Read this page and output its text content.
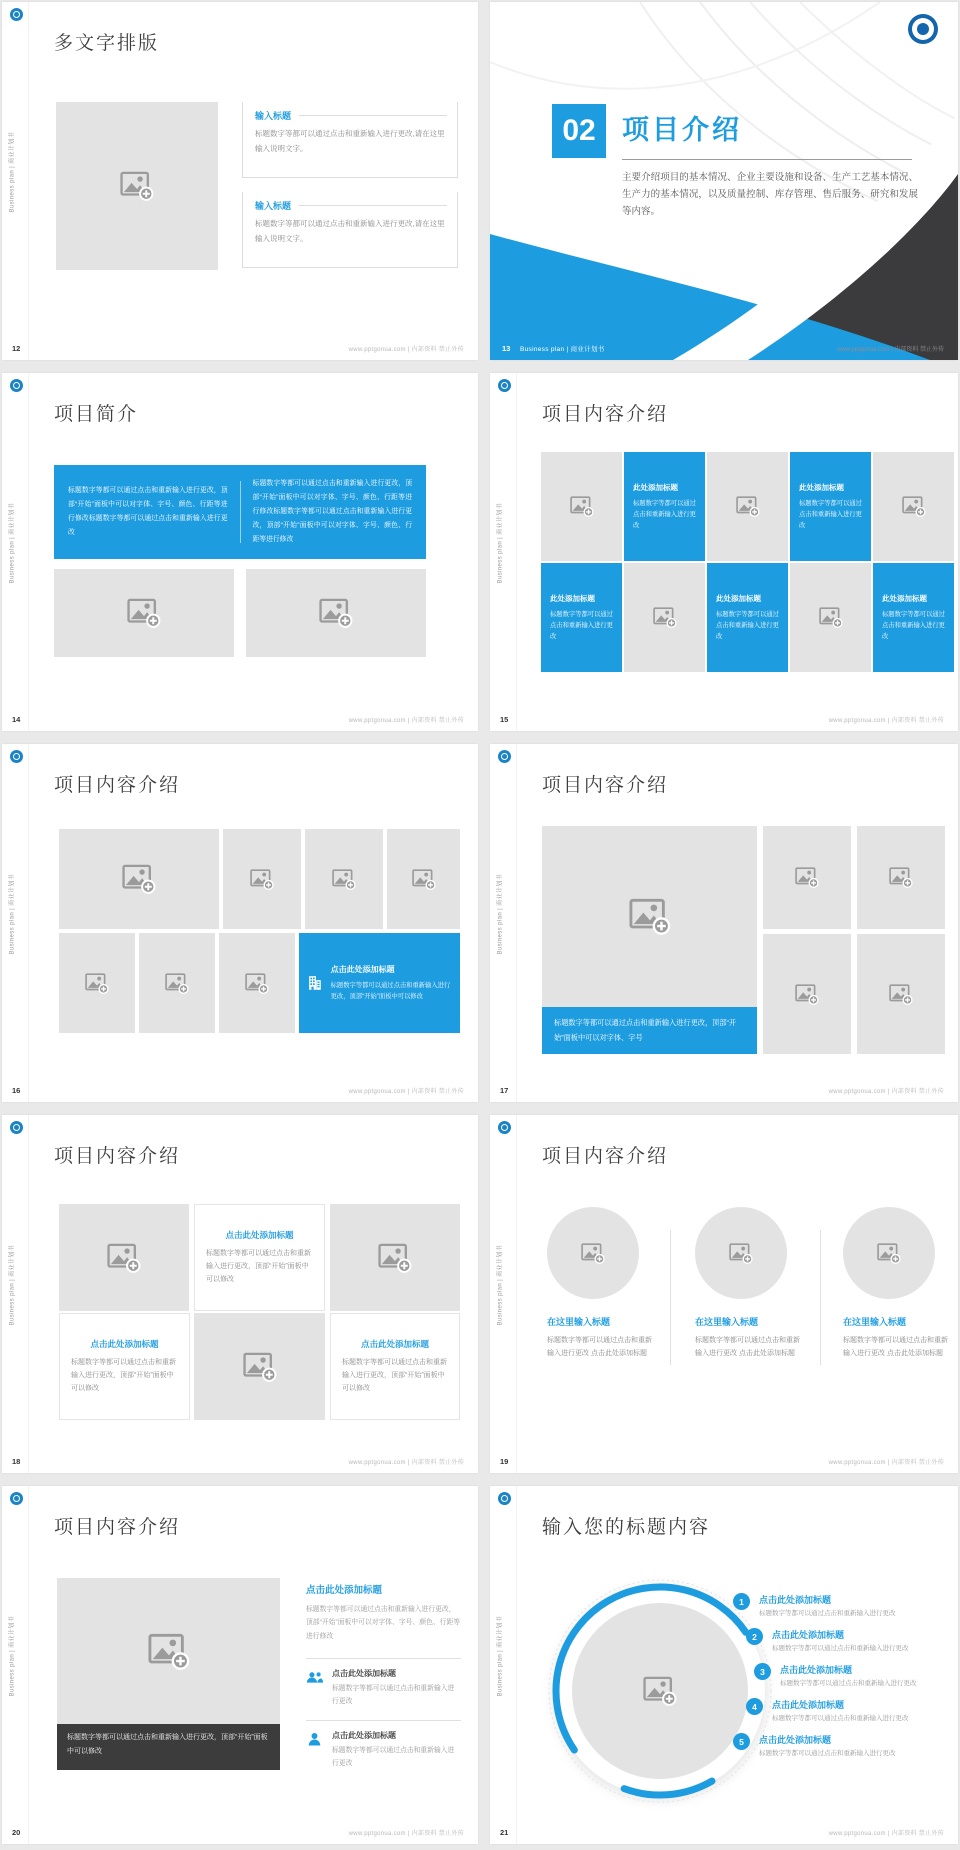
Business plan | 商业计划书
多文字排版
输入标题
标题数字等都可以通过点击和重新输入进行更改,请在这里输入说明文字。
输入标题
标题数字等都可以通过点击和重新输入进行更改,请在这里输入说明文字。
12	www.pptgonua.com | 内部资料 禁止外传
02 项目介绍
主要介绍项目的基本情况、企业主要设施和设备、生产工艺基本情况、生产力的基本情况，以及质量控制、库存管理、售后服务、研究和发展等内容。
13 Business plan | 商业计划书	www.pptgonua.com | 内部资料 禁止外传
Business plan | 商业计划书
项目简介
标题数字等都可以通过点击和重新输入进行更改，顶部“开始”面板中可以对字体、字号、颜色、行距等进行修改标题数字等都可以通过点击和重新输入进行更改
标题数字等都可以通过点击和重新输入进行更改，顶部“开始”面板中可以对字体、字号、颜色、行距等进行修改标题数字等都可以通过点击和重新输入进行更改，顶部“开始”面板中可以对字体、字号、颜色、行距等进行修改
14	www.pptgonua.com | 内部资料 禁止外传
Business plan | 商业计划书
项目内容介绍
此处添加标题
标题数字等都可以通过点击和重新输入进行更改
此处添加标题
标题数字等都可以通过点击和重新输入进行更改
此处添加标题
标题数字等都可以通过点击和重新输入进行更改
此处添加标题
标题数字等都可以通过点击和重新输入进行更改
此处添加标题
标题数字等都可以通过点击和重新输入进行更改
15	www.pptgonua.com | 内部资料 禁止外传
Business plan | 商业计划书
项目内容介绍
点击此处添加标题
标题数字等都可以通过点击和重新输入进行更改，顶部“开始”面板中可以修改
16	www.pptgonua.com | 内部资料 禁止外传
Business plan | 商业计划书
项目内容介绍
标题数字等都可以通过点击和重新输入进行更改，顶部“开始”面板中可以对字体、字号
17	www.pptgonua.com | 内部资料 禁止外传
Business plan | 商业计划书
项目内容介绍
点击此处添加标题
标题数字等都可以通过点击和重新输入进行更改，顶部“开始”面板中可以修改
点击此处添加标题
标题数字等都可以通过点击和重新输入进行更改，顶部“开始”面板中可以修改
点击此处添加标题
标题数字等都可以通过点击和重新输入进行更改，顶部“开始”面板中可以修改
18	www.pptgonua.com | 内部资料 禁止外传
Business plan | 商业计划书
项目内容介绍
在这里输入标题
标题数字等都可以通过点击和重新输入进行更改 点击此处添加标题
在这里输入标题
标题数字等都可以通过点击和重新输入进行更改 点击此处添加标题
在这里输入标题
标题数字等都可以通过点击和重新输入进行更改 点击此处添加标题
19	www.pptgonua.com | 内部资料 禁止外传
Business plan | 商业计划书
项目内容介绍
标题数字等都可以通过点击和重新输入进行更改，顶部“开始”面板中可以修改
点击此处添加标题
标题数字等都可以通过点击和重新输入进行更改，顶部“开始”面板中可以对字体、字号、颜色、行距等进行修改
点击此处添加标题
标题数字等都可以通过点击和重新输入进行更改
点击此处添加标题
标题数字等都可以通过点击和重新输入进行更改
20	www.pptgonua.com | 内部资料 禁止外传
Business plan | 商业计划书
输入您的标题内容
1	点击此处添加标题
标题数字等都可以通过点击和重新输入进行更改
2	点击此处添加标题
标题数字等都可以通过点击和重新输入进行更改
3	点击此处添加标题
标题数字等都可以通过点击和重新输入进行更改
4	点击此处添加标题
标题数字等都可以通过点击和重新输入进行更改
5	点击此处添加标题
标题数字等都可以通过点击和重新输入进行更改
21	www.pptgonua.com | 内部资料 禁止外传
